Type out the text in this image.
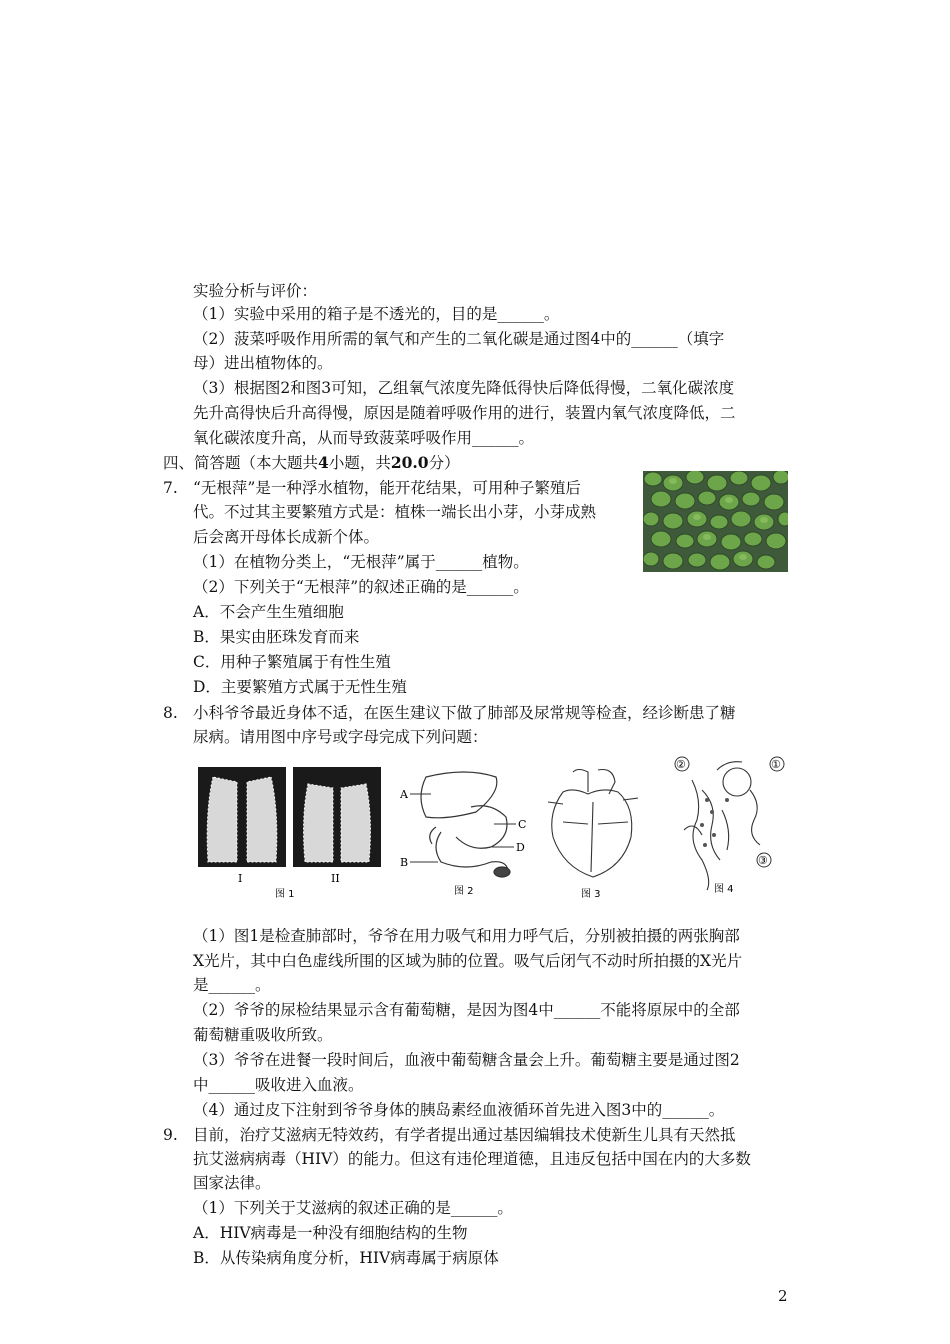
实验分析与评价：
（1）实验中采用的箱子是不透光的，目的是______。
（2）菠菜呼吸作用所需的氧气和产生的二氧化碳是通过图4中的______（填字
母）进出植物体的。
（3）根据图2和图3可知，乙组氧气浓度先降低得快后降低得慢，二氧化碳浓度
先升高得快后升高得慢，原因是随着呼吸作用的进行，装置内氧气浓度降低，二
氧化碳浓度升高，从而导致菠菜呼吸作用______。
四、简答题（本大题共4小题，共20.0分）
7. “无根萍”是一种浮水植物，能开花结果，可用种子繁殖后
代。不过其主要繁殖方式是：植株一端长出小芽，小芽成熟
后会离开母体长成新个体。
（1）在植物分类上，“无根萍”属于______植物。
（2）下列关于“无根萍”的叙述正确的是______。
A．不会产生生殖细胞
B．果实由胚珠发育而来
C．用种子繁殖属于有性生殖
D．主要繁殖方式属于无性生殖
8. 小科爷爷最近身体不适，在医生建议下做了肺部及尿常规等检查，经诊断患了糖
尿病。请用图中序号或字母完成下列问题：
I	II
图 1
A
C
D
B
图 2	图 3
②	①
③
图 4
（1）图1是检查肺部时，爷爷在用力吸气和用力呼气后，分别被拍摄的两张胸部
X光片，其中白色虚线所围的区域为肺的位置。吸气后闭气不动时所拍摄的X光片
是______。
（2）爷爷的尿检结果显示含有葡萄糖，是因为图4中______不能将原尿中的全部
葡萄糖重吸收所致。
（3）爷爷在进餐一段时间后，血液中葡萄糖含量会上升。葡萄糖主要是通过图2
中______吸收进入血液。
（4）通过皮下注射到爷爷身体的胰岛素经血液循环首先进入图3中的______。
9. 目前，治疗艾滋病无特效药，有学者提出通过基因编辑技术使新生儿具有天然抵
抗艾滋病病毒（HIV）的能力。但这有违伦理道德，且违反包括中国在内的大多数
国家法律。
（1）下列关于艾滋病的叙述正确的是______。
A．HIV病毒是一种没有细胞结构的生物
B．从传染病角度分析，HIV病毒属于病原体
2
